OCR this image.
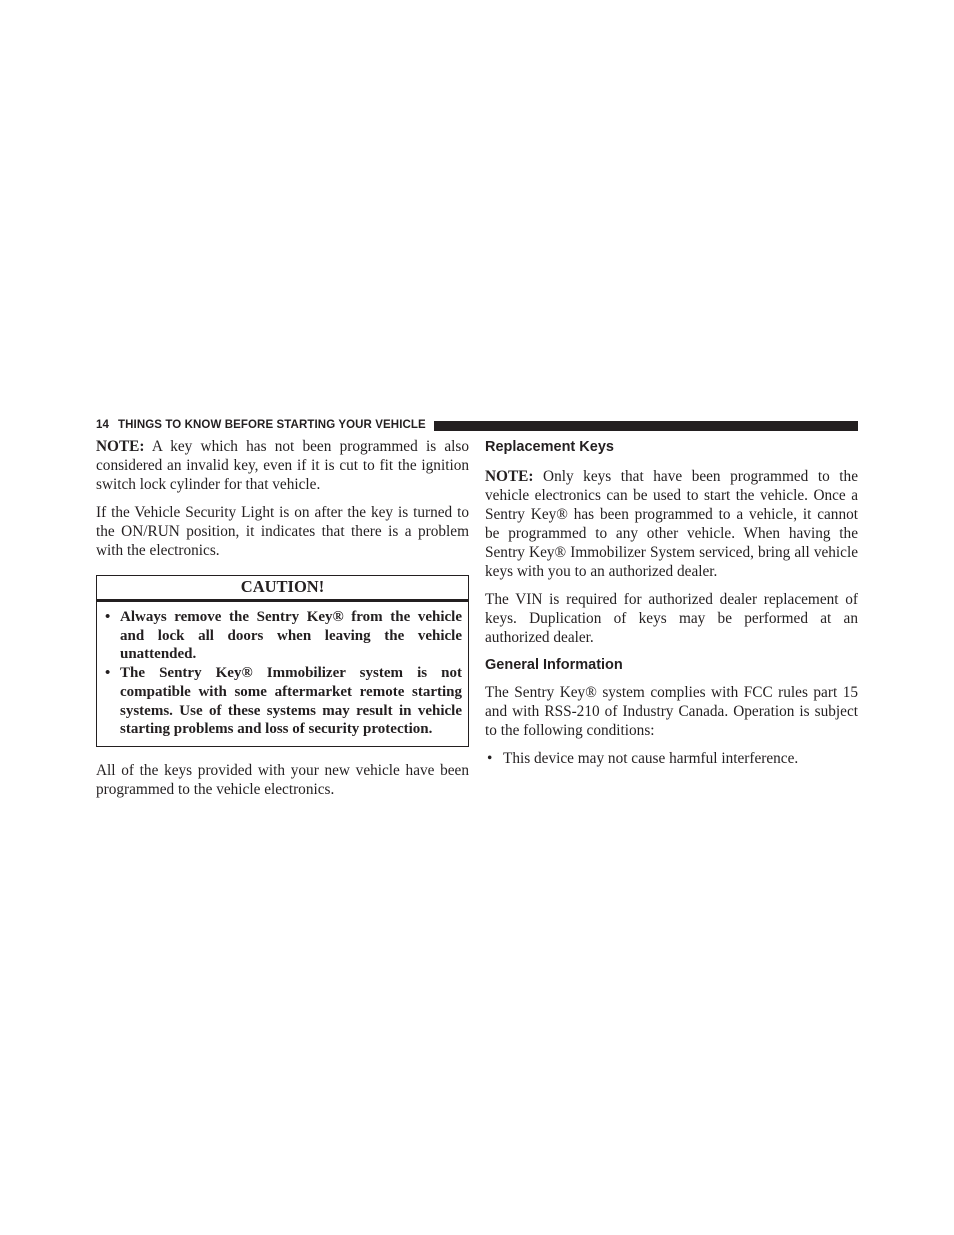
14 THINGS TO KNOW BEFORE STARTING YOUR VEHICLE

NOTE: A key which has not been programmed is also considered an invalid key, even if it is cut to fit the ignition switch lock cylinder for that vehicle.

If the Vehicle Security Light is on after the key is turned to the ON/RUN position, it indicates that there is a problem with the electronics.

CAUTION!
• Always remove the Sentry Key® from the vehicle and lock all doors when leaving the vehicle unattended.
• The Sentry Key® Immobilizer system is not compatible with some aftermarket remote starting systems. Use of these systems may result in vehicle starting problems and loss of security protection.

All of the keys provided with your new vehicle have been programmed to the vehicle electronics.

Replacement Keys

NOTE: Only keys that have been programmed to the vehicle electronics can be used to start the vehicle. Once a Sentry Key® has been programmed to a vehicle, it cannot be programmed to any other vehicle. When having the Sentry Key® Immobilizer System serviced, bring all vehicle keys with you to an authorized dealer.

The VIN is required for authorized dealer replacement of keys. Duplication of keys may be performed at an authorized dealer.

General Information

The Sentry Key® system complies with FCC rules part 15 and with RSS-210 of Industry Canada. Operation is subject to the following conditions:

• This device may not cause harmful interference.
